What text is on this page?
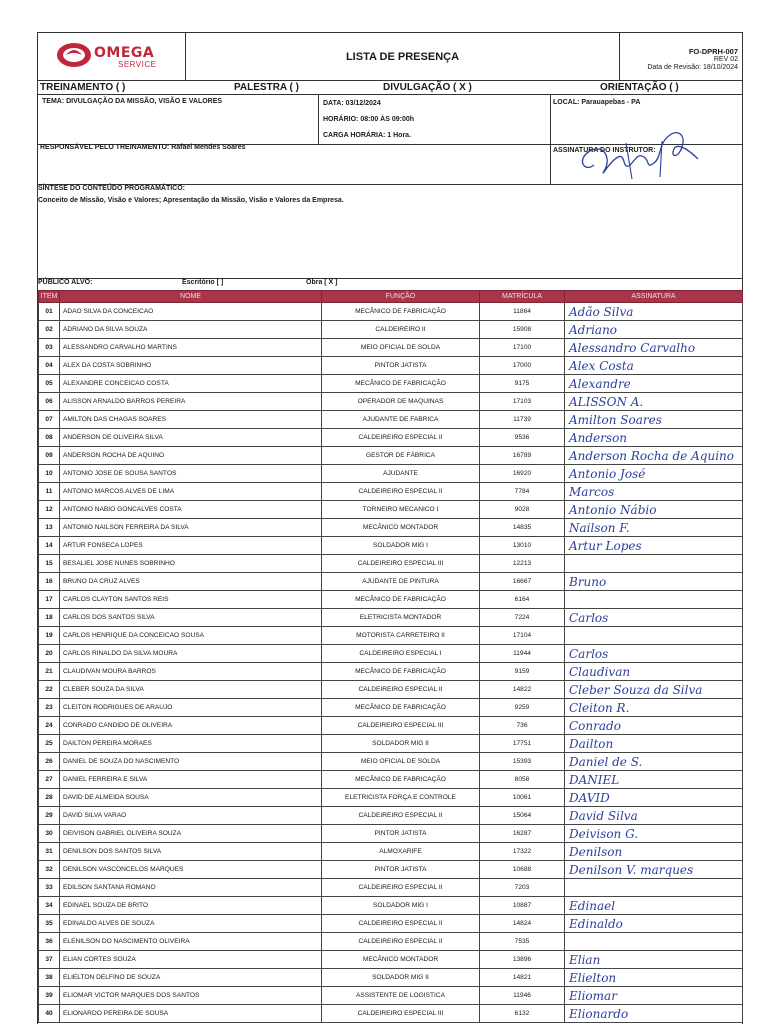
OMEGA
SERVICE
LISTA DE PRESENÇA	FO-DPRH-007
REV 02
Data de Revisão: 18/10/2024
TREINAMENTO ( )	PALESTRA ( )	DIVULGAÇÃO ( X )	ORIENTAÇÃO ( )
TEMA: DIVULGAÇÃO DA MISSÃO, VISÃO E VALORES	DATA: 03/12/2024
HORÁRIO: 08:00 ÀS 09:00h
CARGA HORÁRIA: 1 Hora.
LOCAL: Parauapebas - PA
RESPONSÁVEL PELO TREINAMENTO: Rafael Mendes Soares	ASSINATURA DO INSTRUTOR:
SÍNTESE DO CONTEÚDO PROGRAMÁTICO:
Conceito de Missão, Visão e Valores; Apresentação da Missão, Visão e Valores da Empresa.
PÚBLICO ALVO:	Escritório [ ]	Obra [ X ]
ITEM	NOME	FUNÇÃO	MATRÍCULA	ASSINATURA
01	ADAO SILVA DA CONCEICAO	MECÂNICO DE FABRICAÇÃO	11864	Adão Silva
02	ADRIANO DA SILVA SOUZA	CALDEIREIRO II	15908	Adriano
03	ALESSANDRO CARVALHO MARTINS	MEIO OFICIAL DE SOLDA	17100	Alessandro Carvalho
04	ALEX DA COSTA SOBRINHO	PINTOR JATISTA	17000	Alex Costa
05	ALEXANDRE CONCEICAO COSTA	MECÂNICO DE FABRICAÇÃO	9175	Alexandre
06	ALISSON ARNALDO BARROS PEREIRA	OPERADOR DE MAQUINAS	17103	ALISSON A.
07	AMILTON DAS CHAGAS SOARES	AJUDANTE DE FABRICA	11739	Amilton Soares
08	ANDERSON DE OLIVEIRA SILVA	CALDEIREIRO ESPECIAL II	9536	Anderson
09	ANDERSON ROCHA DE AQUINO	GESTOR DE FÁBRICA	16789	Anderson Rocha de Aquino
10	ANTONIO JOSE DE SOUSA SANTOS	AJUDANTE	16920	Antonio José
11	ANTONIO MARCOS ALVES DE LIMA	CALDEIREIRO ESPECIAL II	7784	Marcos
12	ANTONIO NABIO GONCALVES COSTA	TORNEIRO MECANICO I	9028	Antonio Nábio
13	ANTONIO NAILSON FERREIRA DA SILVA	MECÂNICO MONTADOR	14835	Nailson F.
14	ARTUR FONSECA LOPES	SOLDADOR MIG I	13010	Artur Lopes
15	BESALIEL JOSE NUNES SOBRINHO	CALDEIREIRO ESPECIAL III	12213	
16	BRUNO DA CRUZ ALVES	AJUDANTE DE PINTURA	16667	Bruno
17	CARLOS CLAYTON SANTOS REIS	MECÂNICO DE FABRICAÇÃO	6164	
18	CARLOS DOS SANTOS SILVA	ELETRICISTA MONTADOR	7224	Carlos
19	CARLOS HENRIQUE DA CONCEICAO SOUSA	MOTORISTA CARRETEIRO II	17104	
20	CARLOS RINALDO DA SILVA MOURA	CALDEIREIRO ESPECIAL I	11944	Carlos
21	CLAUDIVAN MOURA BARROS	MECÂNICO DE FABRICAÇÃO	9159	Claudivan
22	CLEBER SOUZA DA SILVA	CALDEIREIRO ESPECIAL II	14822	Cleber Souza da Silva
23	CLEITON RODRIGUES DE ARAUJO	MECÂNICO DE FABRICAÇÃO	9259	Cleiton R.
24	CONRADO CANDIDO DE OLIVEIRA	CALDEIREIRO ESPECIAL III	736	Conrado
25	DAILTON PEREIRA MORAES	SOLDADOR MIG II	17751	Dailton
26	DANIEL DE SOUZA DO NASCIMENTO	MEIO OFICIAL DE SOLDA	15393	Daniel de S.
27	DANIEL FERREIRA E SILVA	MECÂNICO DE FABRICAÇÃO	8058	DANIEL
28	DAVID DE ALMEIDA SOUSA	ELETRICISTA FORÇA E CONTROLE	10061	DAVID
29	DAVID SILVA VARAO	CALDEIREIRO ESPECIAL II	15064	David Silva
30	DEIVISON GABRIEL OLIVEIRA SOUZA	PINTOR JATISTA	16287	Deivison G.
31	DENILSON DOS SANTOS SILVA	ALMOXARIFE	17322	Denilson
32	DENILSON VASCONCELOS MARQUES	PINTOR JATISTA	10688	Denilson V. marques
33	EDILSON SANTANA ROMANO	CALDEIREIRO ESPECIAL II	7203	
34	EDINAEL SOUZA DE BRITO	SOLDADOR MIG I	10887	Edinael
35	EDINALDO ALVES DE SOUZA	CALDEIREIRO ESPECIAL II	14824	Edinaldo
36	ELENILSON DO NASCIMENTO OLIVEIRA	CALDEIREIRO ESPECIAL II	7535	
37	ELIAN CORTES SOUZA	MECÂNICO MONTADOR	13896	Elian
38	ELIELTON DELFINO DE SOUZA	SOLDADOR MIG II	14821	Elielton
39	ELIOMAR VICTOR MARQUES DOS SANTOS	ASSISTENTE DE LOGISTICA	11946	Eliomar
40	ELIONARDO PEREIRA DE SOUSA	CALDEIREIRO ESPECIAL III	6132	Elionardo
